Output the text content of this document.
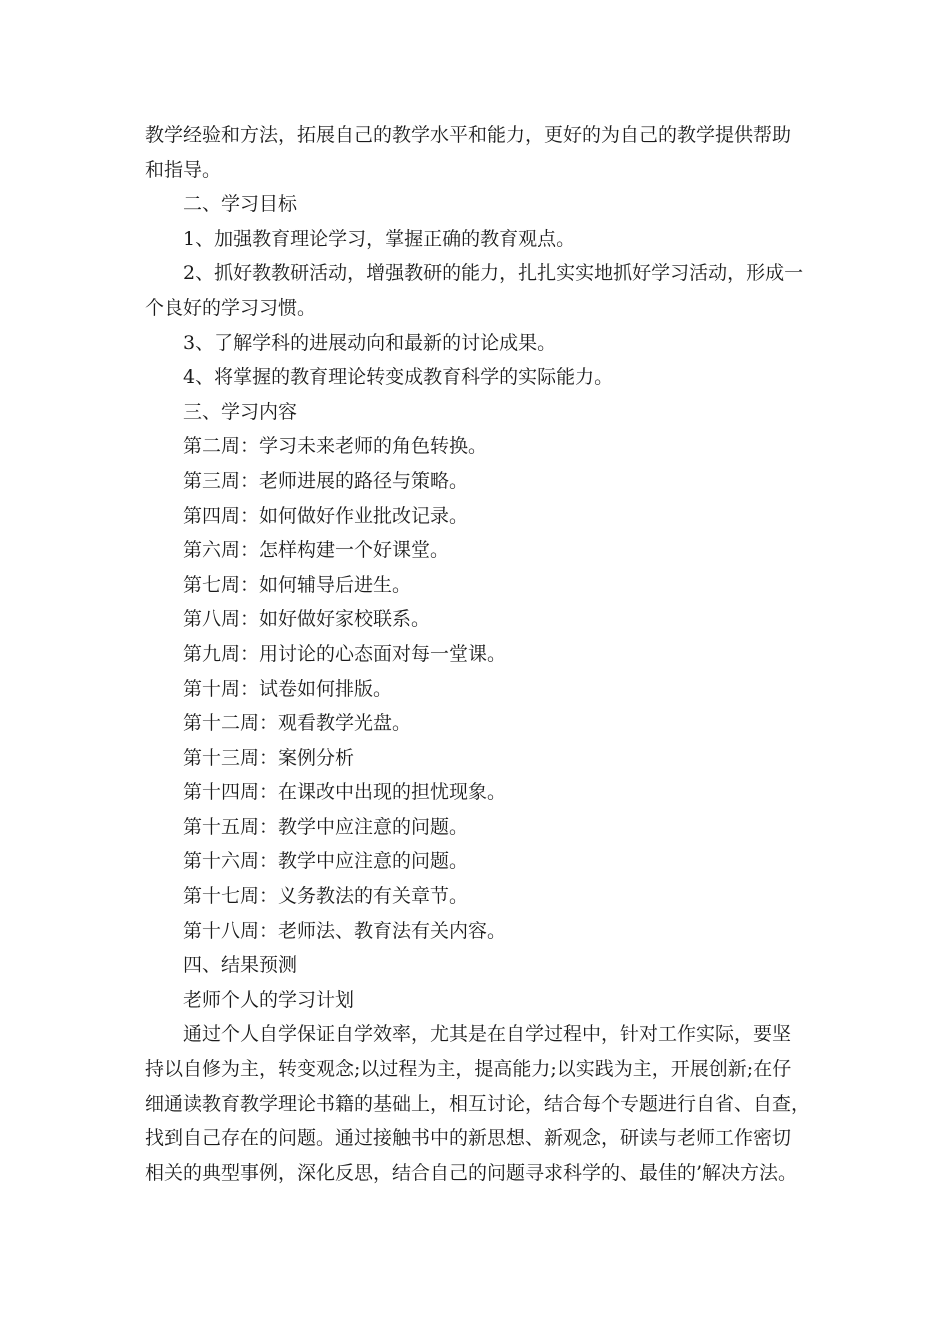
教学经验和方法，拓展自己的教学水平和能力，更好的为自己的教学提供帮助
和指导。

二、学习目标

1、加强教育理论学习，掌握正确的教育观点。

2、抓好教教研活动，增强教研的能力，扎扎实实地抓好学习活动，形成一
个良好的学习习惯。

3、了解学科的进展动向和最新的讨论成果。

4、将掌握的教育理论转变成教育科学的实际能力。

三、学习内容

第二周：学习未来老师的角色转换。

第三周：老师进展的路径与策略。

第四周：如何做好作业批改记录。

第六周：怎样构建一个好课堂。

第七周：如何辅导后进生。

第八周：如好做好家校联系。

第九周：用讨论的心态面对每一堂课。

第十周：试卷如何排版。

第十二周：观看教学光盘。

第十三周：案例分析

第十四周：在课改中出现的担忧现象。

第十五周：教学中应注意的问题。

第十六周：教学中应注意的问题。

第十七周：义务教法的有关章节。

第十八周：老师法、教育法有关内容。

四、结果预测

老师个人的学习计划

通过个人自学保证自学效率，尤其是在自学过程中，针对工作实际，要坚
持以自修为主，转变观念;以过程为主，提高能力;以实践为主，开展创新;在仔
细通读教育教学理论书籍的基础上，相互讨论，结合每个专题进行自省、自查，
找到自己存在的问题。通过接触书中的新思想、新观念，研读与老师工作密切
相关的典型事例，深化反思，结合自己的问题寻求科学的、最佳的’解决方法。
